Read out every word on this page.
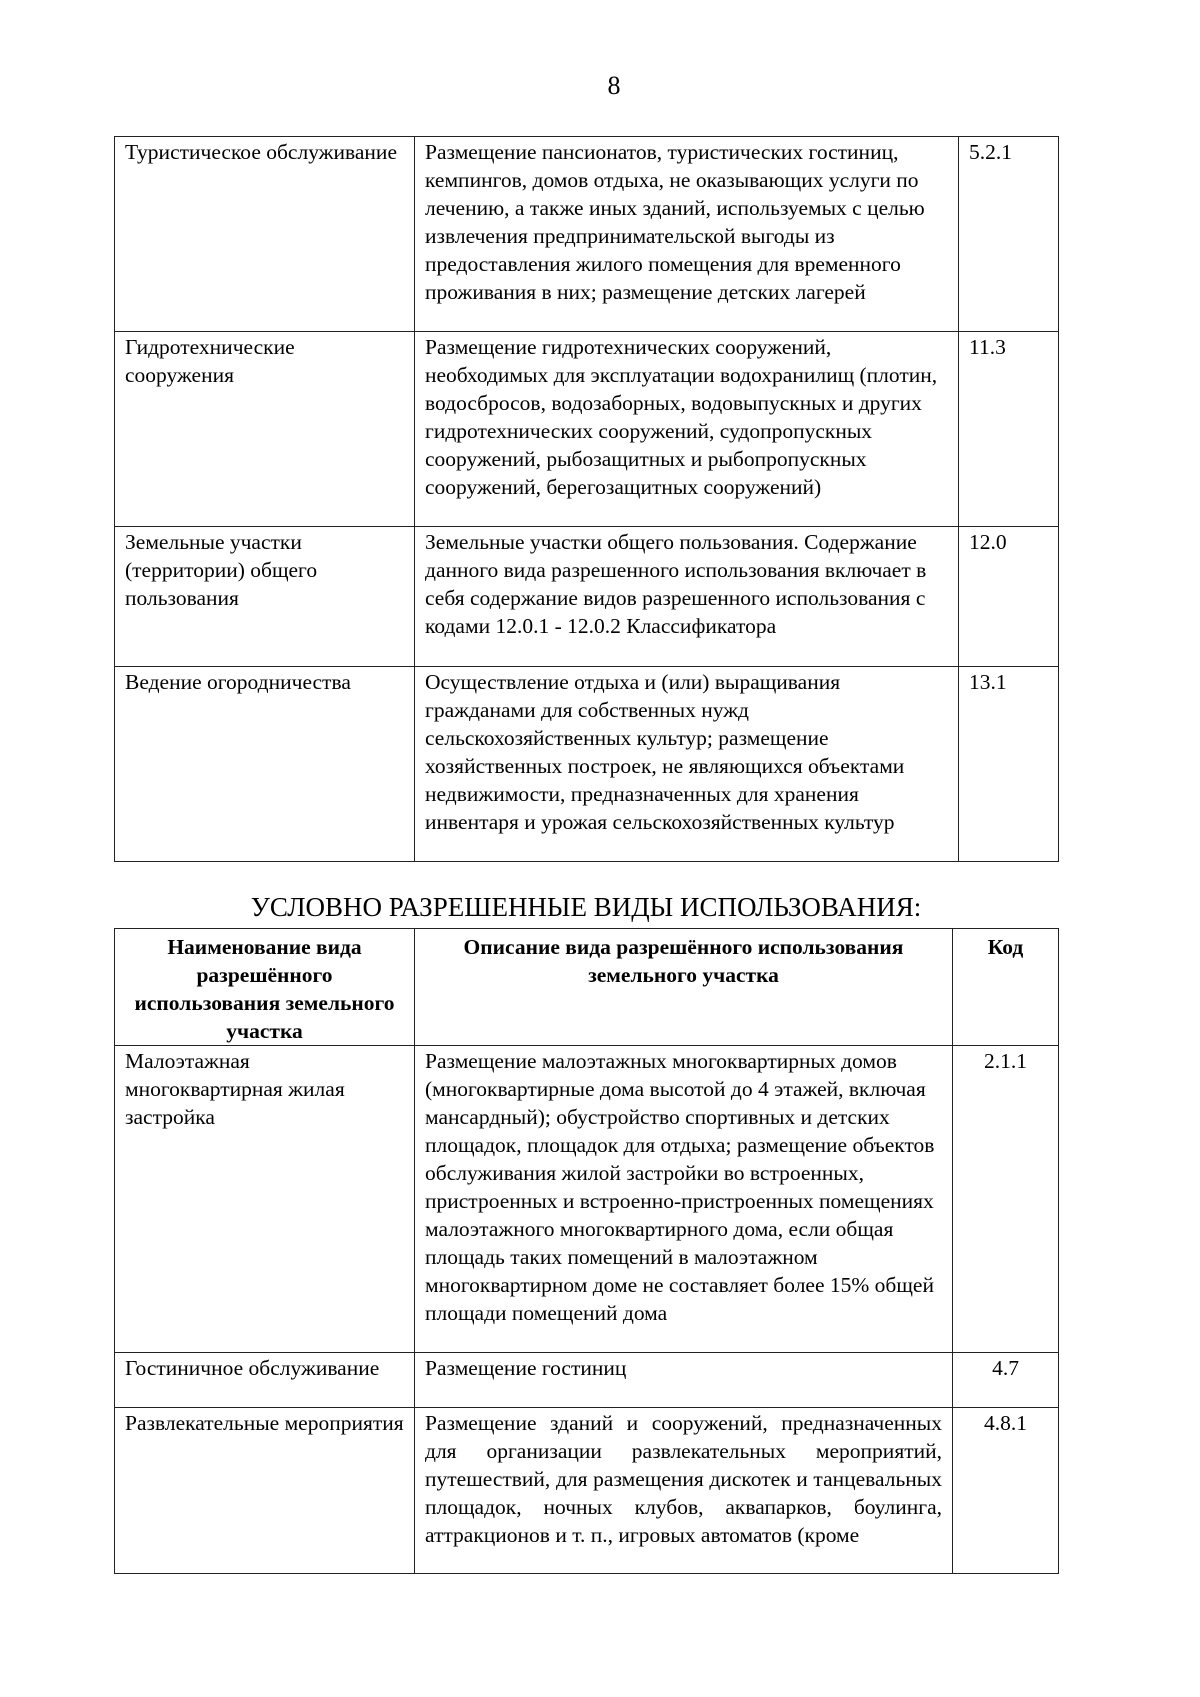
8
Туристическое обслуживание	Размещение пансионатов, туристических гостиниц, кемпингов, домов отдыха, не оказывающих услуги по лечению, а также иных зданий, используемых с целью извлечения предпринимательской выгоды из предоставления жилого помещения для временного проживания в них; размещение детских лагерей	5.2.1

Гидротехнические сооружения	Размещение гидротехнических сооружений, необходимых для эксплуатации водохранилищ (плотин, водосбросов, водозаборных, водовыпускных и других гидротехнических сооружений, судопропускных сооружений, рыбозащитных и рыбопропускных сооружений, берегозащитных сооружений)	11.3

Земельные участки (территории) общего пользования	Земельные участки общего пользования. Содержание данного вида разрешенного использования включает в себя содержание видов разрешенного использования с кодами 12.0.1 - 12.0.2 Классификатора	12.0

Ведение огородничества	Осуществление отдыха и (или) выращивания гражданами для собственных нужд сельскохозяйственных культур; размещение хозяйственных построек, не являющихся объектами недвижимости, предназначенных для хранения инвентаря и урожая сельскохозяйственных культур	13.1
УСЛОВНО РАЗРЕШЕННЫЕ ВИДЫ ИСПОЛЬЗОВАНИЯ:
Наименование вида разрешённого использования земельного участка	Описание вида разрешённого использования земельного участка	Код

Малоэтажная многоквартирная жилая застройка	Размещение малоэтажных многоквартирных домов (многоквартирные дома высотой до 4 этажей, включая мансардный); обустройство спортивных и детских площадок, площадок для отдыха; размещение объектов обслуживания жилой застройки во встроенных, пристроенных и встроенно-пристроенных помещениях малоэтажного многоквартирного дома, если общая площадь таких помещений в малоэтажном многоквартирном доме не составляет более 15% общей площади помещений дома	2.1.1

Гостиничное обслуживание	Размещение гостиниц	4.7

Развлекательные мероприятия	Размещение зданий и сооружений, предназначенных для организации развлекательных мероприятий, путешествий, для размещения дискотек и танцевальных площадок, ночных клубов, аквапарков, боулинга, аттракционов и т. п., игровых автоматов (кроме	4.8.1
